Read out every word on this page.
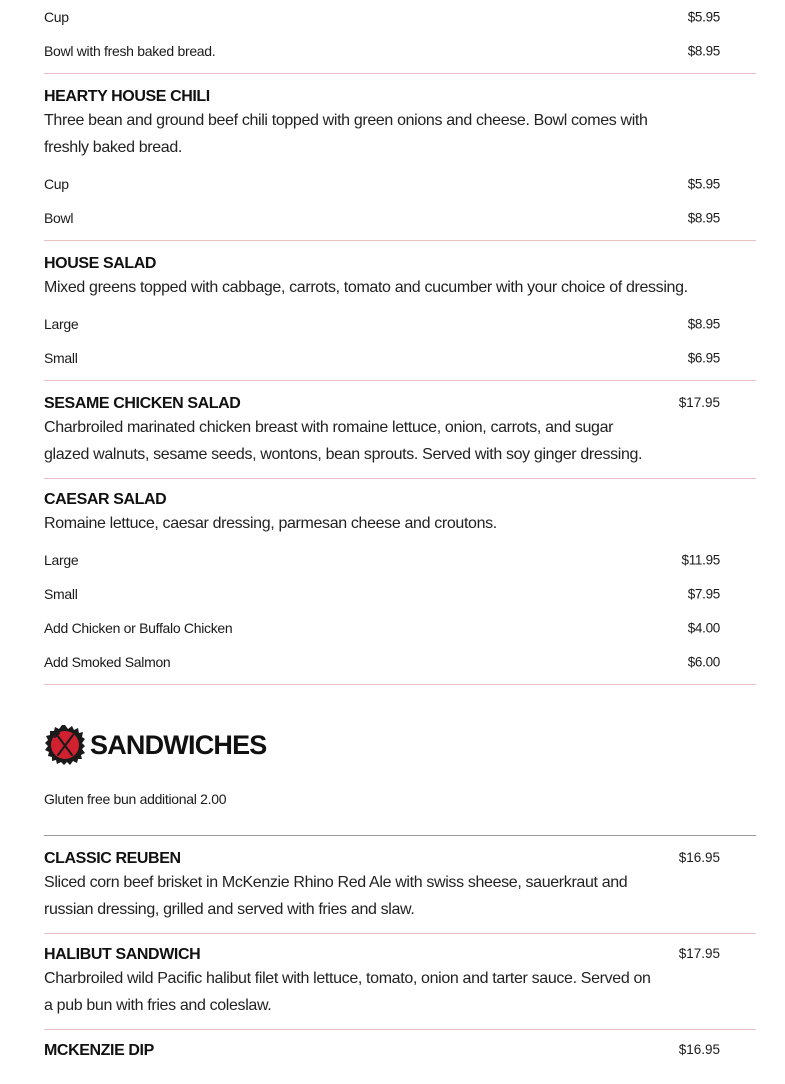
Cup	$5.95
Bowl with fresh baked bread.	$8.95
HEARTY HOUSE CHILI
Three bean and ground beef chili topped with green onions and cheese. Bowl comes with freshly baked bread.
Cup	$5.95
Bowl	$8.95
HOUSE SALAD
Mixed greens topped with cabbage, carrots, tomato and cucumber with your choice of dressing.
Large	$8.95
Small	$6.95
SESAME CHICKEN SALAD	$17.95
Charbroiled marinated chicken breast with romaine lettuce, onion, carrots, and sugar glazed walnuts, sesame seeds, wontons, bean sprouts. Served with soy ginger dressing.
CAESAR SALAD
Romaine lettuce, caesar dressing, parmesan cheese and croutons.
Large	$11.95
Small	$7.95
Add Chicken or Buffalo Chicken	$4.00
Add Smoked Salmon	$6.00
SANDWICHES
Gluten free bun additional 2.00
CLASSIC REUBEN	$16.95
Sliced corn beef brisket in McKenzie Rhino Red Ale with swiss sheese, sauerkraut and russian dressing, grilled and served with fries and slaw.
HALIBUT SANDWICH	$17.95
Charbroiled wild Pacific halibut filet with lettuce, tomato, onion and tarter sauce. Served on a pub bun with fries and coleslaw.
MCKENZIE DIP	$16.95
